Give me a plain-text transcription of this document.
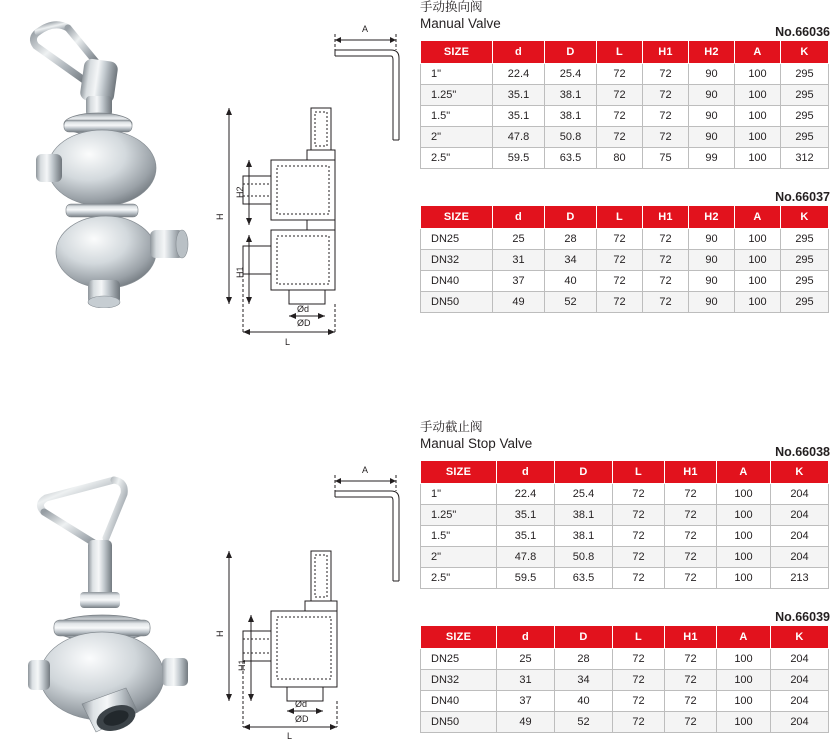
A
H
H2
H1
Ød
ØD
L
手动换向阀
Manual Valve
No.66036
SIZE	d	D	L	H1	H2	A	K
1"	22.4	25.4	72	72	90	100	295
1.25"	35.1	38.1	72	72	90	100	295
1.5"	35.1	38.1	72	72	90	100	295
2"	47.8	50.8	72	72	90	100	295
2.5"	59.5	63.5	80	75	99	100	312
No.66037
SIZE	d	D	L	H1	H2	A	K
DN25	25	28	72	72	90	100	295
DN32	31	34	72	72	90	100	295
DN40	37	40	72	72	90	100	295
DN50	49	52	72	72	90	100	295
A
H
H1
Ød
ØD
L
手动截止阀
Manual Stop Valve
No.66038
SIZE	d	D	L	H1	A	K
1"	22.4	25.4	72	72	100	204
1.25"	35.1	38.1	72	72	100	204
1.5"	35.1	38.1	72	72	100	204
2"	47.8	50.8	72	72	100	204
2.5"	59.5	63.5	72	72	100	213
No.66039
SIZE	d	D	L	H1	A	K
DN25	25	28	72	72	100	204
DN32	31	34	72	72	100	204
DN40	37	40	72	72	100	204
DN50	49	52	72	72	100	204
